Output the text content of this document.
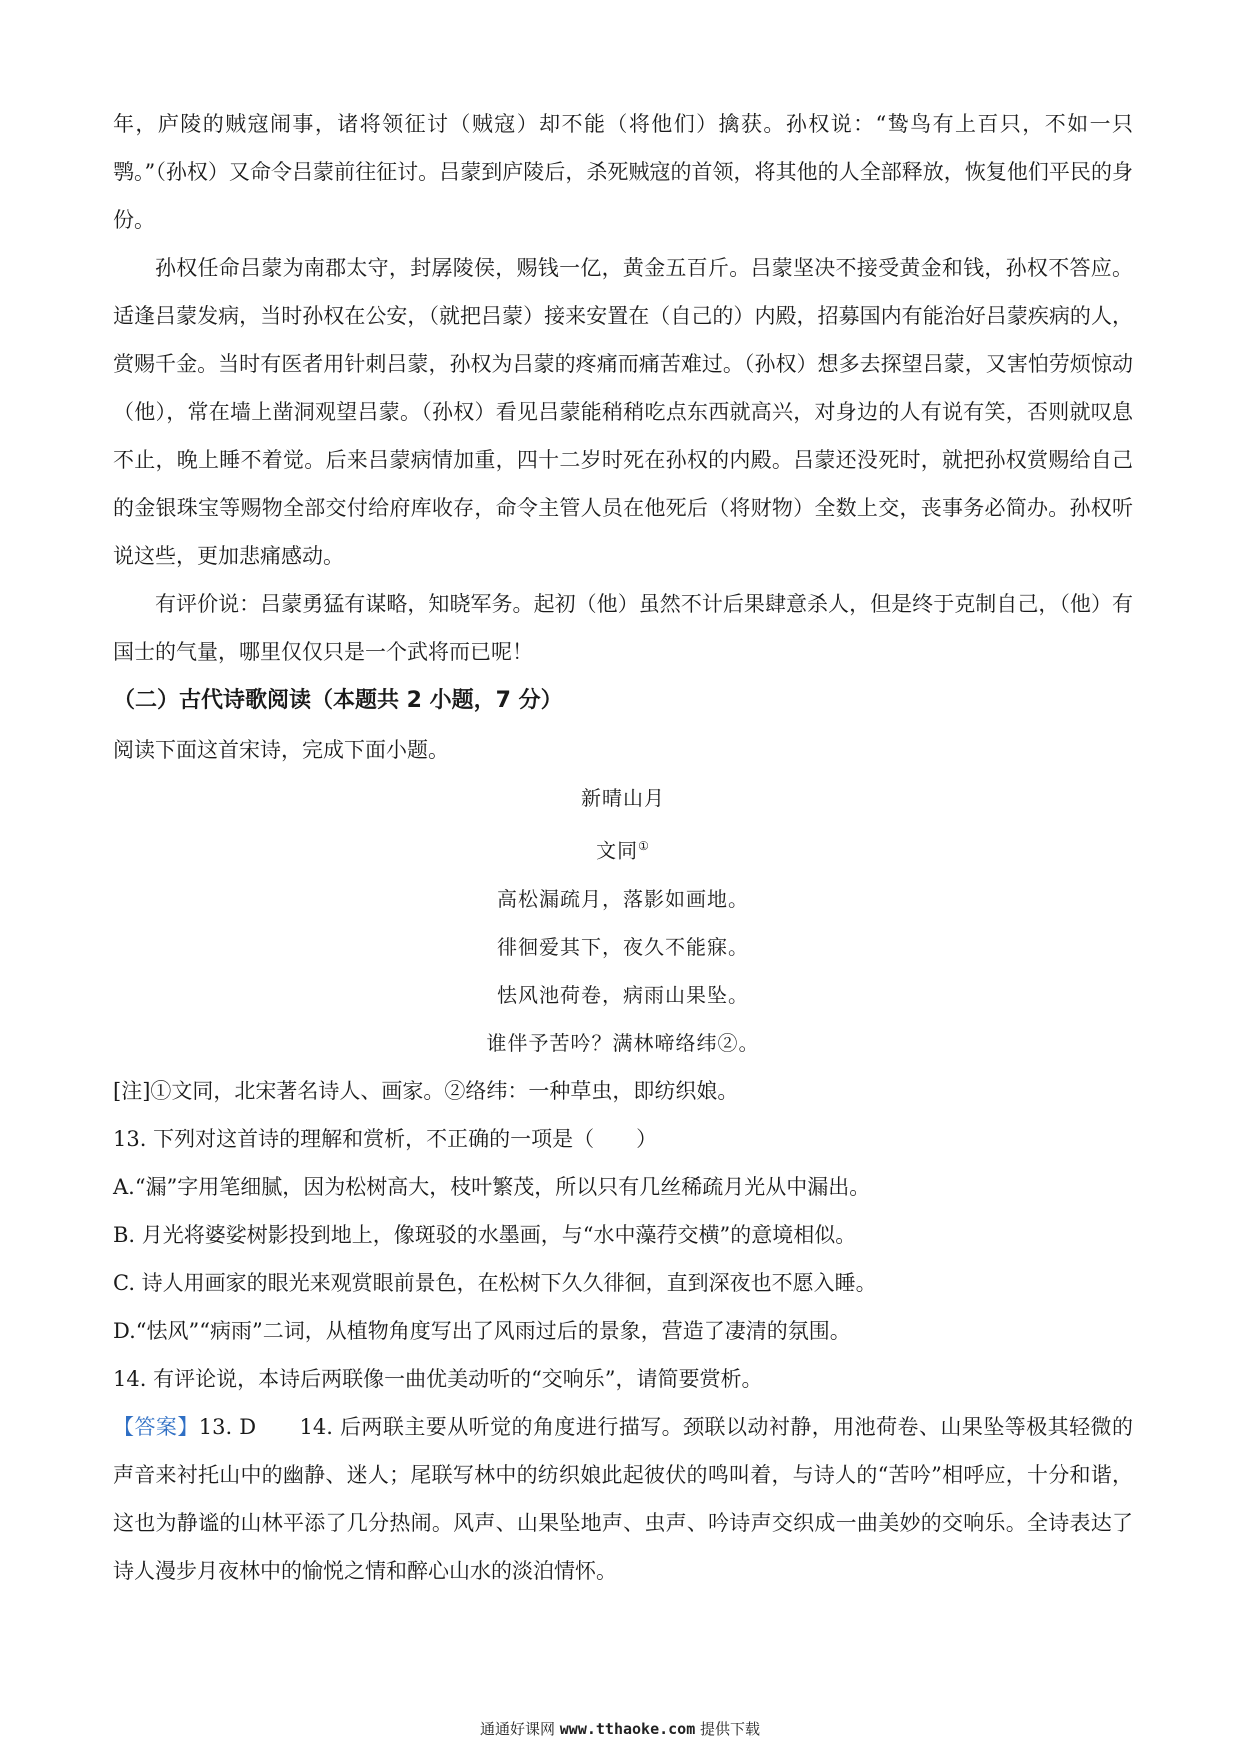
年，庐陵的贼寇闹事，诸将领征讨（贼寇）却不能（将他们）擒获。孙权说：“鸷鸟有上百只，不如一只鹗。”（孙权）又命令吕蒙前往征讨。吕蒙到庐陵后，杀死贼寇的首领，将其他的人全部释放，恢复他们平民的身份。

孙权任命吕蒙为南郡太守，封孱陵侯，赐钱一亿，黄金五百斤。吕蒙坚决不接受黄金和钱，孙权不答应。适逢吕蒙发病，当时孙权在公安，（就把吕蒙）接来安置在（自己的）内殿，招募国内有能治好吕蒙疾病的人，赏赐千金。当时有医者用针刺吕蒙，孙权为吕蒙的疼痛而痛苦难过。（孙权）想多去探望吕蒙，又害怕劳烦惊动（他），常在墙上凿洞观望吕蒙。（孙权）看见吕蒙能稍稍吃点东西就高兴，对身边的人有说有笑，否则就叹息不止，晚上睡不着觉。后来吕蒙病情加重，四十二岁时死在孙权的内殿。吕蒙还没死时，就把孙权赏赐给自己的金银珠宝等赐物全部交付给府库收存，命令主管人员在他死后（将财物）全数上交，丧事务必简办。孙权听说这些，更加悲痛感动。

有评价说：吕蒙勇猛有谋略，知晓军务。起初（他）虽然不计后果肆意杀人，但是终于克制自己，（他）有国士的气量，哪里仅仅只是一个武将而已呢！

（二）古代诗歌阅读（本题共 2 小题，7 分）

阅读下面这首宋诗，完成下面小题。

新晴山月

文同①

高松漏疏月，落影如画地。

徘徊爱其下，夜久不能寐。

怯风池荷卷，病雨山果坠。

谁伴予苦吟？满林啼络纬②。

[注]①文同，北宋著名诗人、画家。②络纬：一种草虫，即纺织娘。

13. 下列对这首诗的理解和赏析，不正确的一项是（　　）

A.“漏”字用笔细腻，因为松树高大，枝叶繁茂，所以只有几丝稀疏月光从中漏出。

B. 月光将婆娑树影投到地上，像斑驳的水墨画，与“水中藻荇交横”的意境相似。

C. 诗人用画家的眼光来观赏眼前景色，在松树下久久徘徊，直到深夜也不愿入睡。

D.“怯风”“病雨”二词，从植物角度写出了风雨过后的景象，营造了凄清的氛围。

14. 有评论说，本诗后两联像一曲优美动听的“交响乐”，请简要赏析。

【答案】13. D　　14. 后两联主要从听觉的角度进行描写。颈联以动衬静，用池荷卷、山果坠等极其轻微的声音来衬托山中的幽静、迷人；尾联写林中的纺织娘此起彼伏的鸣叫着，与诗人的“苦吟”相呼应，十分和谐，这也为静谧的山林平添了几分热闹。风声、山果坠地声、虫声、吟诗声交织成一曲美妙的交响乐。全诗表达了诗人漫步月夜林中的愉悦之情和醉心山水的淡泊情怀。

通通好课网 www.tthaoke.com 提供下载
